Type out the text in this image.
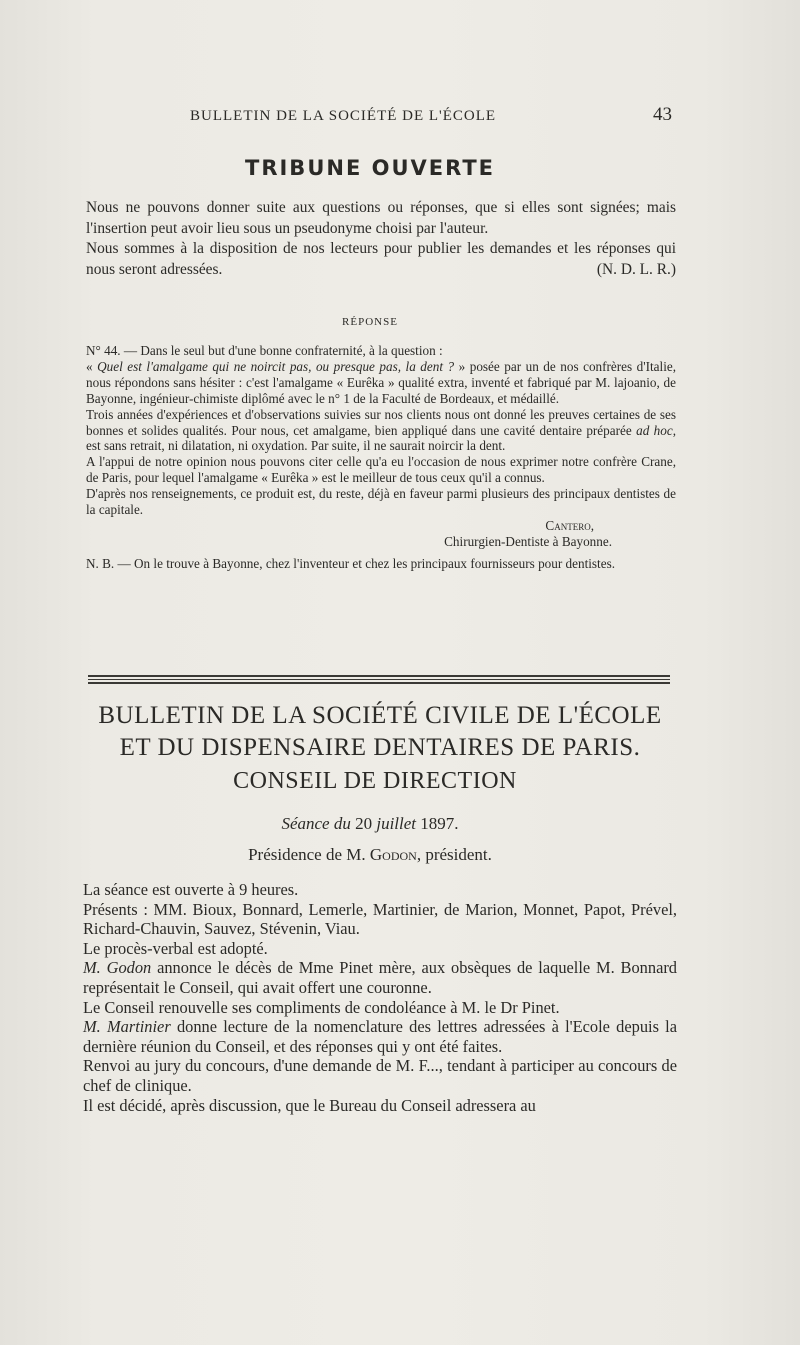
BULLETIN DE LA SOCIÉTÉ DE L'ÉCOLE	43
TRIBUNE OUVERTE

Nous ne pouvons donner suite aux questions ou réponses, que si elles sont signées; mais l'insertion peut avoir lieu sous un pseudonyme choisi par l'auteur.

Nous sommes à la disposition de nos lecteurs pour publier les demandes et les réponses qui nous seront adressées.	(N. D. L. R.)

RÉPONSE

N° 44. — Dans le seul but d'une bonne confraternité, à la question :

« Quel est l'amalgame qui ne noircit pas, ou presque pas, la dent ? » posée par un de nos confrères d'Italie, nous répondons sans hésiter : c'est l'amalgame « Eurêka » qualité extra, inventé et fabriqué par M. lajoanio, de Bayonne, ingénieur-chimiste diplômé avec le n° 1 de la Faculté de Bordeaux, et médaillé.

Trois années d'expériences et d'observations suivies sur nos clients nous ont donné les preuves certaines de ses bonnes et solides qualités. Pour nous, cet amalgame, bien appliqué dans une cavité dentaire préparée ad hoc, est sans retrait, ni dilatation, ni oxydation. Par suite, il ne saurait noircir la dent.

A l'appui de notre opinion nous pouvons citer celle qu'a eu l'occasion de nous exprimer notre confrère Crane, de Paris, pour lequel l'amalgame « Eurêka » est le meilleur de tous ceux qu'il a connus.

D'après nos renseignements, ce produit est, du reste, déjà en faveur parmi plusieurs des principaux dentistes de la capitale.

Cantero,

Chirurgien-Dentiste à Bayonne.

N. B. — On le trouve à Bayonne, chez l'inventeur et chez les principaux fournisseurs pour dentistes.

BULLETIN DE LA SOCIÉTÉ CIVILE DE L'ÉCOLE
ET DU DISPENSAIRE DENTAIRES DE PARIS.
CONSEIL DE DIRECTION
Séance du 20 juillet 1897.
Présidence de M. Godon, président.

La séance est ouverte à 9 heures.

Présents : MM. Bioux, Bonnard, Lemerle, Martinier, de Marion, Monnet, Papot, Prével, Richard-Chauvin, Sauvez, Stévenin, Viau.

Le procès-verbal est adopté.

M. Godon annonce le décès de Mme Pinet mère, aux obsèques de laquelle M. Bonnard représentait le Conseil, qui avait offert une couronne.

Le Conseil renouvelle ses compliments de condoléance à M. le Dr Pinet.

M. Martinier donne lecture de la nomenclature des lettres adressées à l'Ecole depuis la dernière réunion du Conseil, et des réponses qui y ont été faites.

Renvoi au jury du concours, d'une demande de M. F..., tendant à participer au concours de chef de clinique.

Il est décidé, après discussion, que le Bureau du Conseil adressera au
